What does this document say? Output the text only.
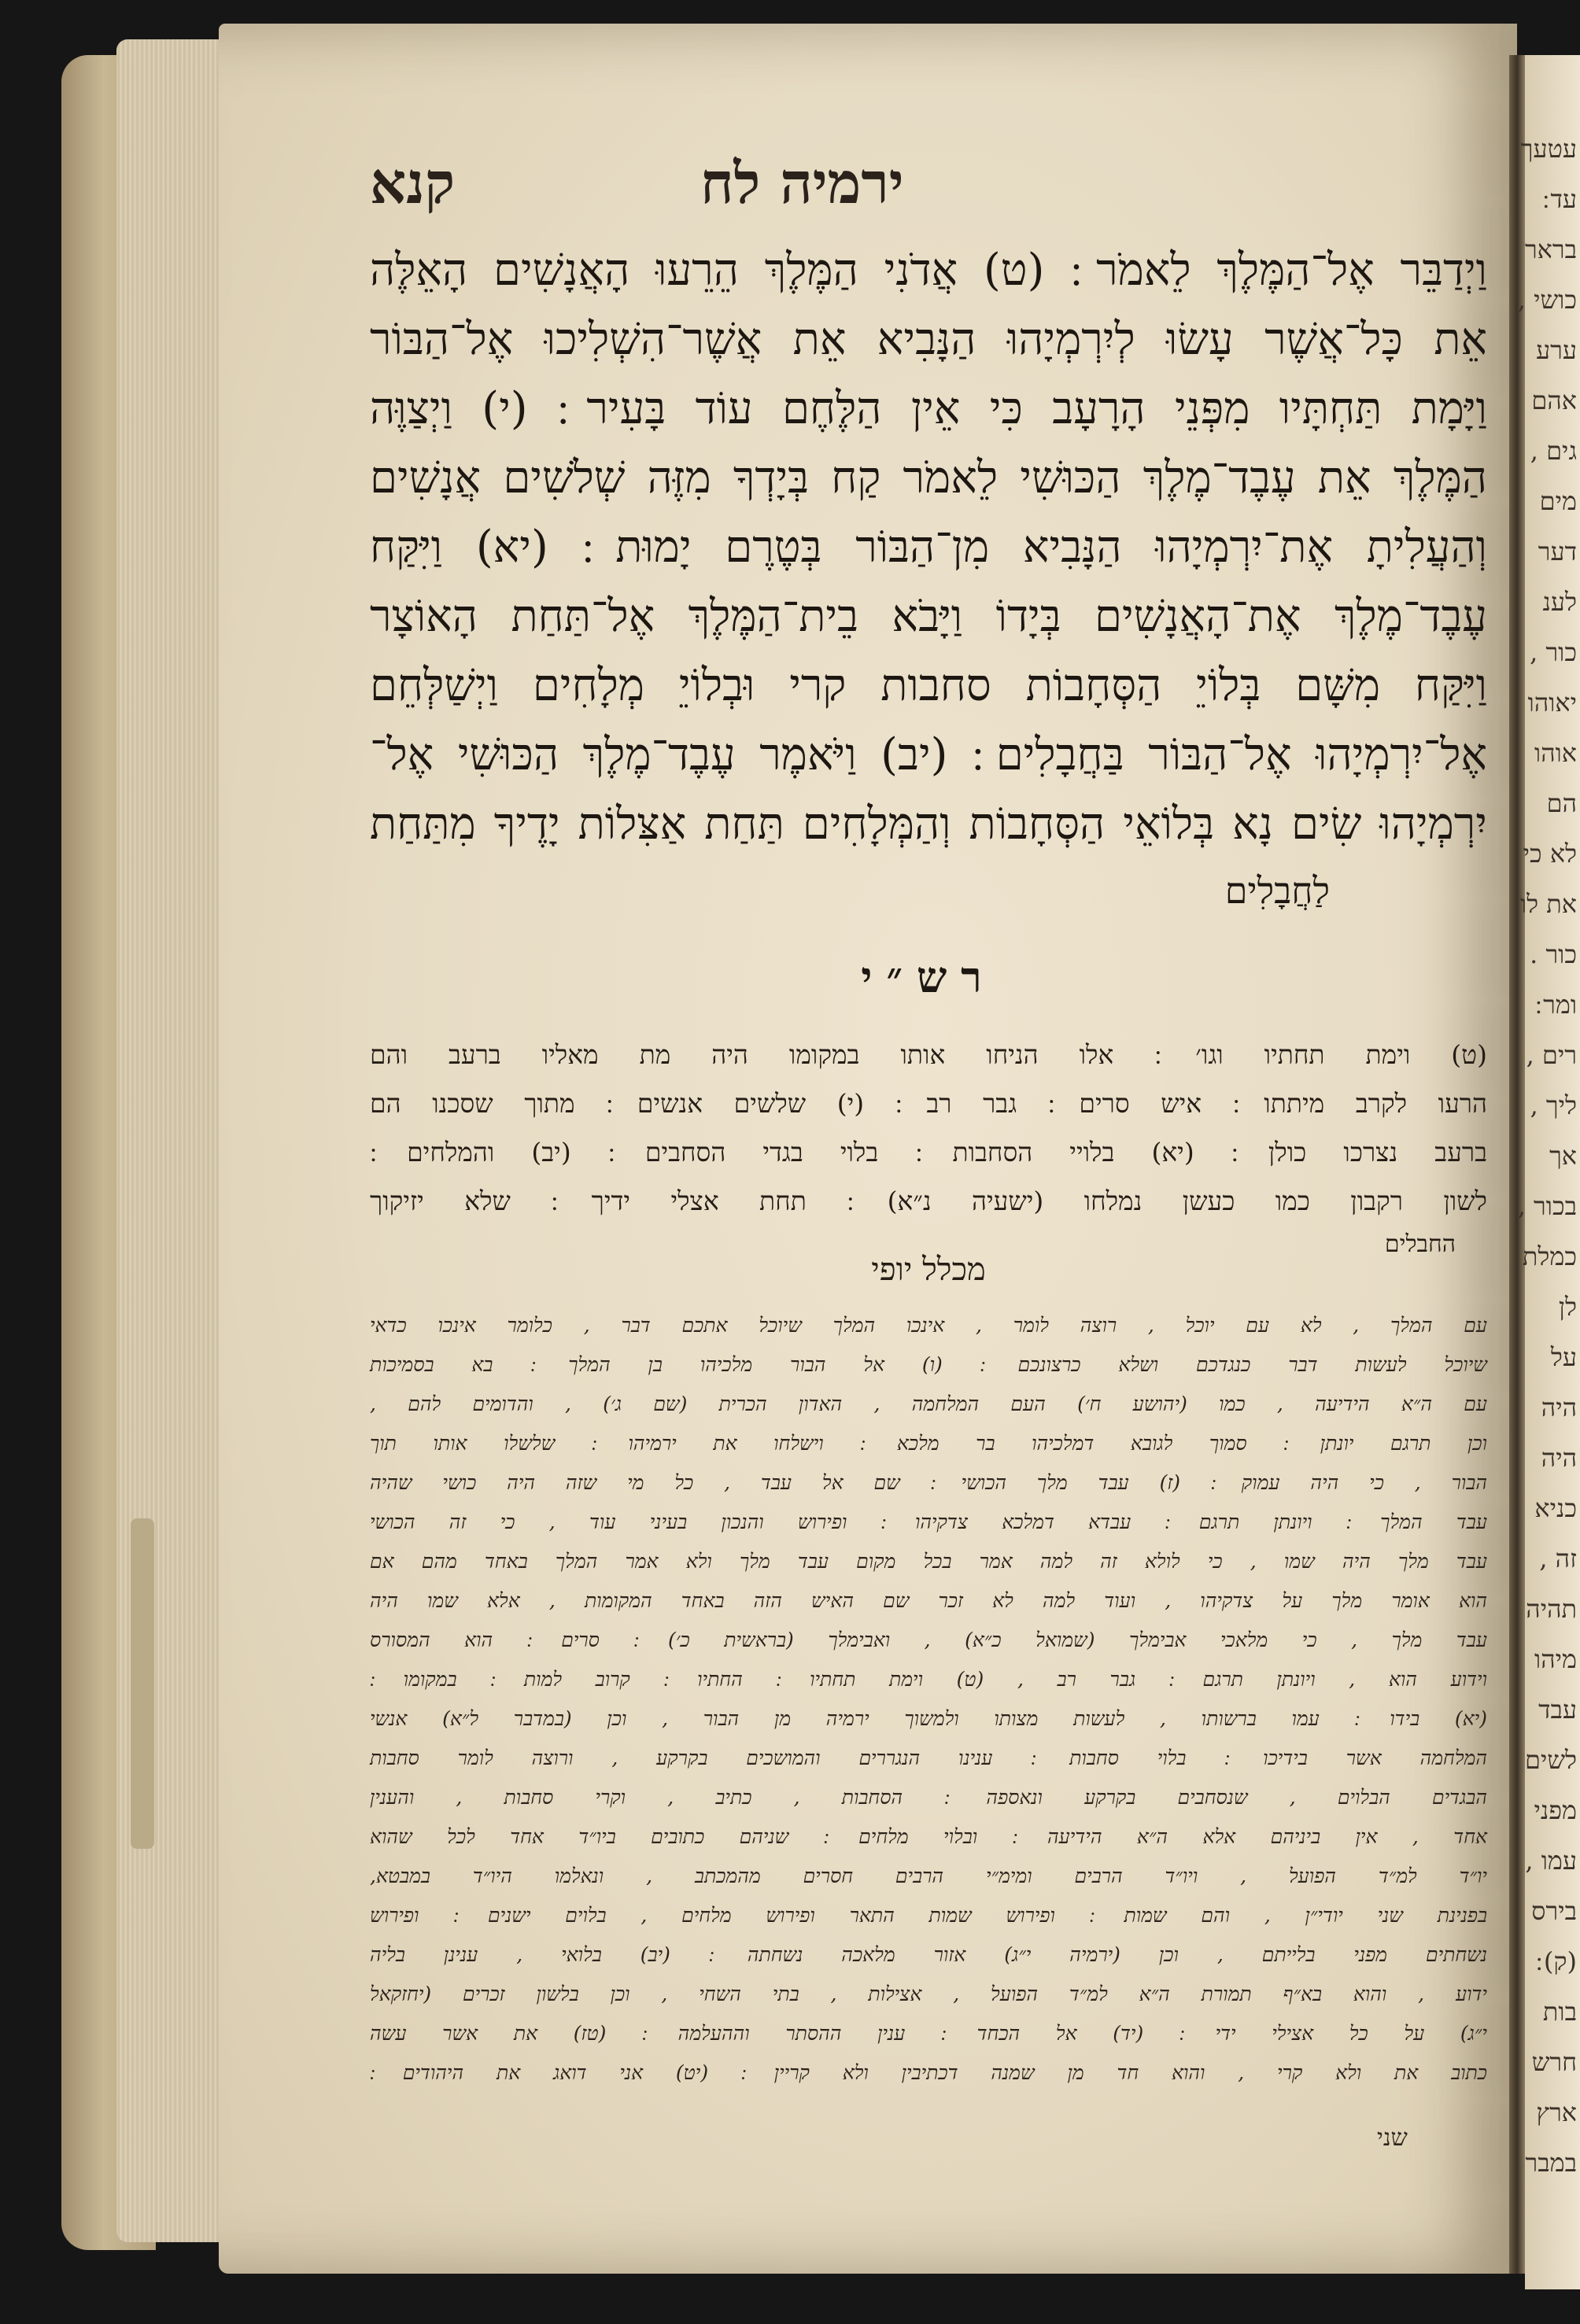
עטעך
עד ׃
בראר
כושי ,
ערע
אהם
גים ,
מים
דער
לענ
כור ,
יאוהו
אוהו
הם
לא כי
את לו
כור .
ומר ׃
רים ,
ליך ,
אך
בכור ,
כמלת
לן
על
היה
היה
כניא
זה ,
תהיה
מיהו
עבד
לשים
מפני
עמו ,
בירס
(ק) ׃
בות
חרש
ארץ
במבר
קנא	ירמיה לח
וַיְדַבֵּר אֶל־הַמֶּלֶךְ לֵאמֹר ׃ (ט) אֲדֹנִי הַמֶּלֶךְ הֵרֵעוּ הָאֲנָשִׁים הָאֵלֶּה
אֵת כָּל־אֲשֶׁר עָשׂוּ לְיִרְמְיָהוּ הַנָּבִיא אֵת אֲשֶׁר־הִשְׁלִיכוּ אֶל־הַבּוֹר
וַיָּמָת תַּחְתָּיו מִפְּנֵי הָרָעָב כִּי אֵין הַלֶּחֶם עוֹד בָּעִיר ׃ (י) וַיְצַוֶּה
הַמֶּלֶךְ אֵת עֶבֶד־מֶלֶךְ הַכּוּשִׁי לֵאמֹר קַח בְּיָדְךָ מִזֶּה שְׁלֹשִׁים אֲנָשִׁים
וְהַעֲלִיתָ אֶת־יִרְמְיָהוּ הַנָּבִיא מִן־הַבּוֹר בְּטֶרֶם יָמוּת ׃ (יא) וַיִּקַּח
עֶבֶד־מֶלֶךְ אֶת־הָאֲנָשִׁים בְּיָדוֹ וַיָּבֹא בֵית־הַמֶּלֶךְ אֶל־תַּחַת הָאוֹצָר
וַיִּקַּח מִשָּׁם בְּלוֹיֵ הַסְּחָבוֹת סחבות קרי וּבְלוֹיֵ מְלָחִים וַיְשַׁלְּחֵם
אֶל־יִרְמְיָהוּ אֶל־הַבּוֹר בַּחֲבָלִים ׃ (יב) וַיֹּאמֶר עֶבֶד־מֶלֶךְ הַכּוּשִׁי אֶל־
יִרְמְיָהוּ שִׂים נָא בְּלוֹאֵי הַסְּחָבוֹת וְהַמְּלָחִים תַּחַת אַצִּלוֹת יָדֶיךָ מִתַּחַת
לַחֲבָלִים
רש״י
(ט) וימת תחתיו וגו׳ ׃ אלו הניחו אותו במקומו היה מת מאליו ברעב והם
הרעו לקרב מיתתו ׃ איש סרים ׃ גבר רב ׃ (י) שלשים אנשים ׃ מתוך שסכנו הם
ברעב נצרכו כולן ׃ (יא) בלויי הסחבות ׃ בלוי בגדי הסחבים ׃ (יב) והמלחים ׃
לשון רקבון כמו כעשן נמלחו (ישעיה נ״א) ׃ תחת אצלי ידיך ׃ שלא יזיקוך
החבלים
מכלל יופי
עם המלך , לא עם יוכל , רוצה לומר , אינכו המלך שיוכל אתכם דבר , כלומר אינכו כדאי
שיוכל לעשות דבר כנגדכם ושלא כרצונכם ׃ (ו) אל הבור מלכיהו בן המלך ׃ בא בסמיכות
עם ה״א הידיעה , כמו (יהושע ח׳) העם המלחמה , האדון הכרית (שם ג׳) , והדומים להם ,
וכן תרגם יונתן ׃ סמוך לגובא דמלכיהו בר מלכא ׃ וישלחו את ירמיהו ׃ שלשלו אותו תוך
הבור , כי היה עמוק ׃ (ז) עבד מלך הכושי ׃ שם אל עבד , כל מי שזה היה כושי שהיה
עבד המלך ׃ ויונתן תרגם ׃ עבדא דמלכא צדקיהו ׃ ופירוש והנכון בעיני עוד , כי זה הכושי
עבד מלך היה שמו , כי לולא זה למה אמר בכל מקום עבד מלך ולא אמר המלך באחד מהם אם
הוא אומר מלך על צדקיהו , ועוד למה לא זכר שם האיש הזה באחד המקומות , אלא שמו היה
עבד מלך , כי מלאכי אבימלך (שמואל כ״א) , ואבימלך (בראשית כ׳) ׃ סרים ׃ הוא המסורס
וידוע הוא , ויונתן תרגם ׃ גבר רב , (ט) וימת תחתיו ׃ החתיו ׃ קרוב למות ׃ במקומו ׃
(יא) בידו ׃ עמו ברשותו , לעשות מצותו ולמשוך ירמיה מן הבור , וכן (במדבר ל״א) אנשי
המלחמה אשר בידיכו ׃ בלוי סחבות ׃ ענינו הנגררים והמושכים בקרקע , ורוצה לומר סחבות
הבגדים הבלוים , שנסחבים בקרקע ונאספה ׃ הסחבות , כתיב , וקרי סחבות , והענין
אחד , אין ביניהם אלא ה״א הידיעה ׃ ובלוי מלחים ׃ שניהם כתובים ביו״ד אחד לכל שהוא
יו״ד למ״ד הפועל , ויו״ד הרבים ומימ״י הרבים חסרים מהמכתב , ונאלמו היו״ד במבטא,
בפנינת שני יודי״ן , והם שמות ׃ ופירוש שמות התאר ופירוש מלחים , בלוים ישנים ׃ ופירוש
נשחתים מפני בלייתם , וכן (ירמיה י״ג) אזור מלאכה נשחתה ׃ (יב) בלואי , ענינן בליה
ידוע , והוא בא״ף תמורת ה״א למ״ד הפועל , אצילות , בתי השחי , וכן בלשון זכרים (יחזקאל
י״ג) על כל אצילי ידי ׃ (יד) אל הכחד ׃ ענין ההסתר וההעלמה ׃ (טז) את אשר עשה
כתוב את ולא קרי , והוא חד מן שמנה דכתיבין ולא קריין ׃ (יט) אני דואג את היהודים ׃
שני
